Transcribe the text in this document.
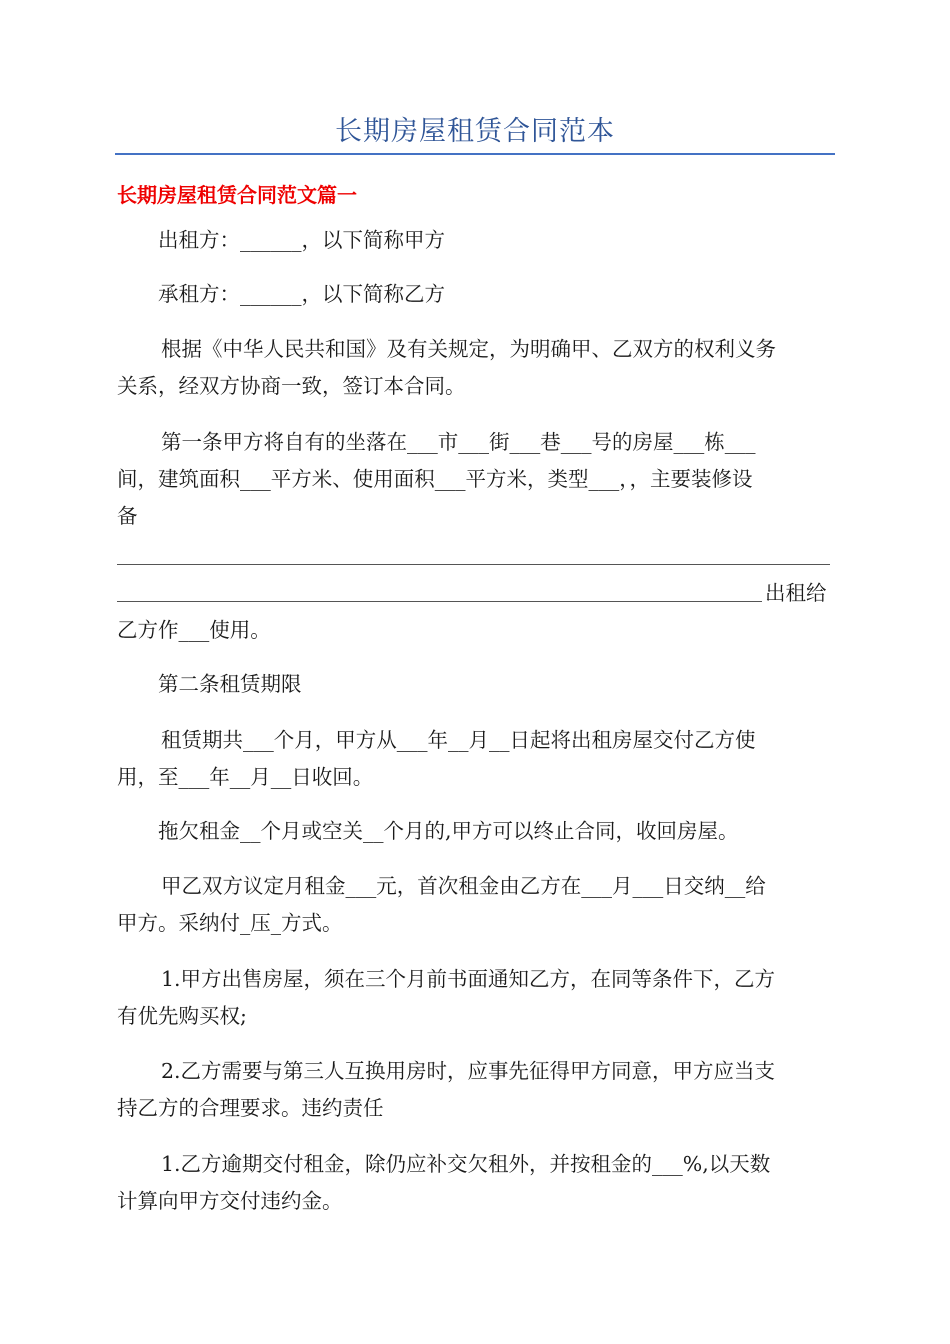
长期房屋租赁合同范本
长期房屋租赁合同范文篇一
出租方：______，以下简称甲方
承租方：______，以下简称乙方
根据《中华人民共和国》及有关规定，为明确甲、乙双方的权利义务
关系，经双方协商一致，签订本合同。
第一条甲方将自有的坐落在___市___街___巷___号的房屋___栋___
间，建筑面积___平方米、使用面积___平方米，类型___，，主要装修设
备
乙方作___使用。
第二条租赁期限
租赁期共___个月，甲方从___年__月__日起将出租房屋交付乙方使
用，至___年__月__日收回。
拖欠租金__个月或空关__个月的,甲方可以终止合同，收回房屋。
甲乙双方议定月租金___元，首次租金由乙方在___月___日交纳__给
甲方。采纳付_压_方式。
1.甲方出售房屋，须在三个月前书面通知乙方，在同等条件下，乙方
有优先购买权;
2.乙方需要与第三人互换用房时，应事先征得甲方同意，甲方应当支
持乙方的合理要求。违约责任
1.乙方逾期交付租金，除仍应补交欠租外，并按租金的___%,以天数
计算向甲方交付违约金。
出租给
